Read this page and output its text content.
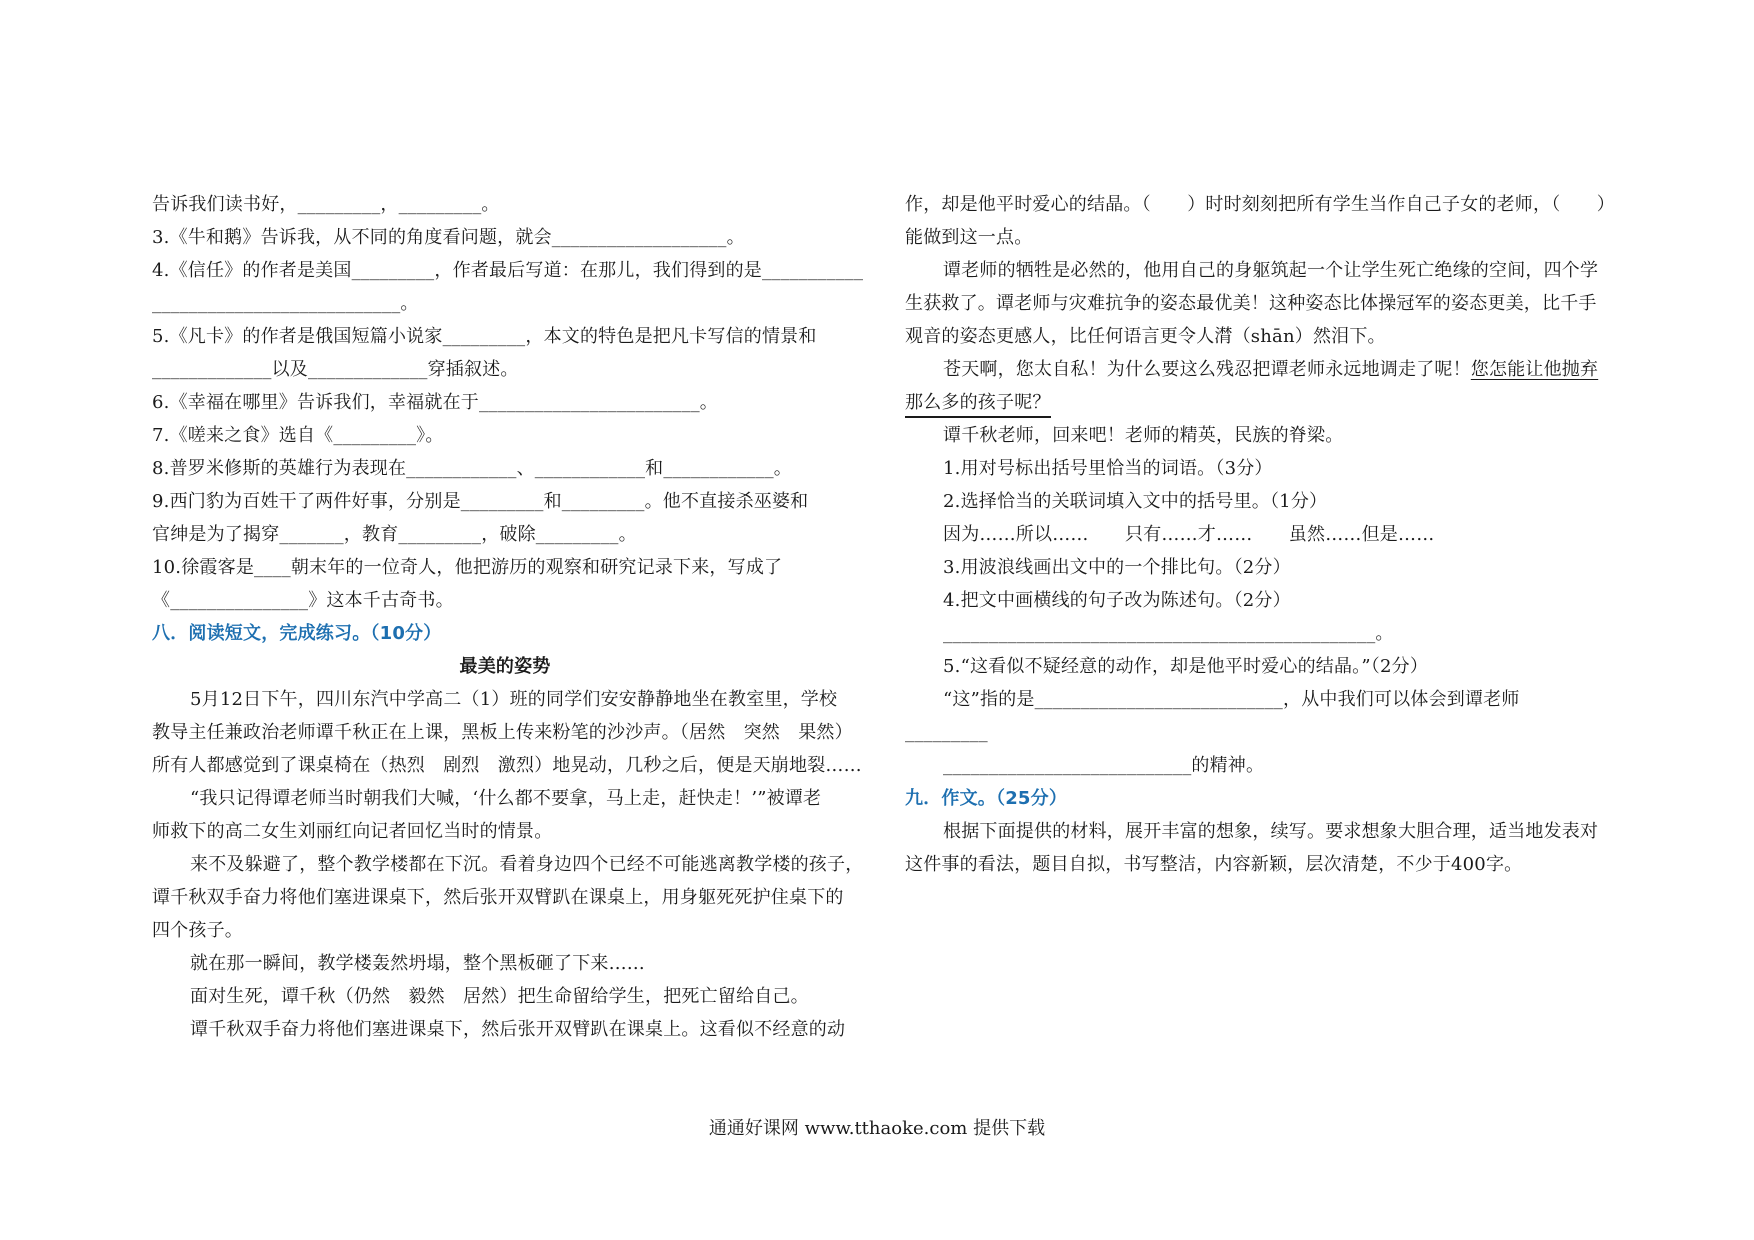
告诉我们读书好，_________，_________。
3.《牛和鹅》告诉我，从不同的角度看问题，就会___________________。
4.《信任》的作者是美国_________，作者最后写道：在那儿，我们得到的是___________
___________________________。
5.《凡卡》的作者是俄国短篇小说家_________，本文的特色是把凡卡写信的情景和
_____________以及_____________穿插叙述。
6.《幸福在哪里》告诉我们，幸福就在于________________________。
7.《嗟来之食》选自《_________》。
8.普罗米修斯的英雄行为表现在____________、____________和____________。
9.西门豹为百姓干了两件好事，分别是_________和_________。他不直接杀巫婆和
官绅是为了揭穿_______，教育_________，破除_________。
10.徐霞客是____朝末年的一位奇人，他把游历的观察和研究记录下来，写成了
《_______________》这本千古奇书。
八．阅读短文，完成练习。（10分）
最美的姿势
5月12日下午，四川东汽中学高二（1）班的同学们安安静静地坐在教室里，学校
教导主任兼政治老师谭千秋正在上课，黑板上传来粉笔的沙沙声。（居然　突然　果然）
所有人都感觉到了课桌椅在（热烈　剧烈　激烈）地晃动，几秒之后，便是天崩地裂……
“我只记得谭老师当时朝我们大喊，‘什么都不要拿，马上走，赶快走！’”被谭老
师救下的高二女生刘丽红向记者回忆当时的情景。
来不及躲避了，整个教学楼都在下沉。看着身边四个已经不可能逃离教学楼的孩子，
谭千秋双手奋力将他们塞进课桌下，然后张开双臂趴在课桌上，用身躯死死护住桌下的
四个孩子。
就在那一瞬间，教学楼轰然坍塌，整个黑板砸了下来……
面对生死，谭千秋（仍然　毅然　居然）把生命留给学生，把死亡留给自己。
谭千秋双手奋力将他们塞进课桌下，然后张开双臂趴在课桌上。这看似不经意的动
作，却是他平时爱心的结晶。（　　）时时刻刻把所有学生当作自己子女的老师，（　　）
能做到这一点。
谭老师的牺牲是必然的，他用自己的身躯筑起一个让学生死亡绝缘的空间，四个学
生获救了。谭老师与灾难抗争的姿态最优美！这种姿态比体操冠军的姿态更美，比千手
观音的姿态更感人，比任何语言更令人潸（shān）然泪下。
苍天啊，您太自私！为什么要这么残忍把谭老师永远地调走了呢！您怎能让他抛弃
那么多的孩子呢？
谭千秋老师，回来吧！老师的精英，民族的脊梁。
1.用对号标出括号里恰当的词语。（3分）
2.选择恰当的关联词填入文中的括号里。（1分）
因为……所以……　　只有……才……　　虽然……但是……
3.用波浪线画出文中的一个排比句。（2分）
4.把文中画横线的句子改为陈述句。（2分）
_______________________________________________。
5.“这看似不疑经意的动作，却是他平时爱心的结晶。”（2分）
“这”指的是___________________________，从中我们可以体会到谭老师
_________
___________________________的精神。
九．作文。（25分）
根据下面提供的材料，展开丰富的想象，续写。要求想象大胆合理，适当地发表对
这件事的看法，题目自拟，书写整洁，内容新颖，层次清楚，不少于400字。
通通好课网 www.tthaoke.com 提供下载
